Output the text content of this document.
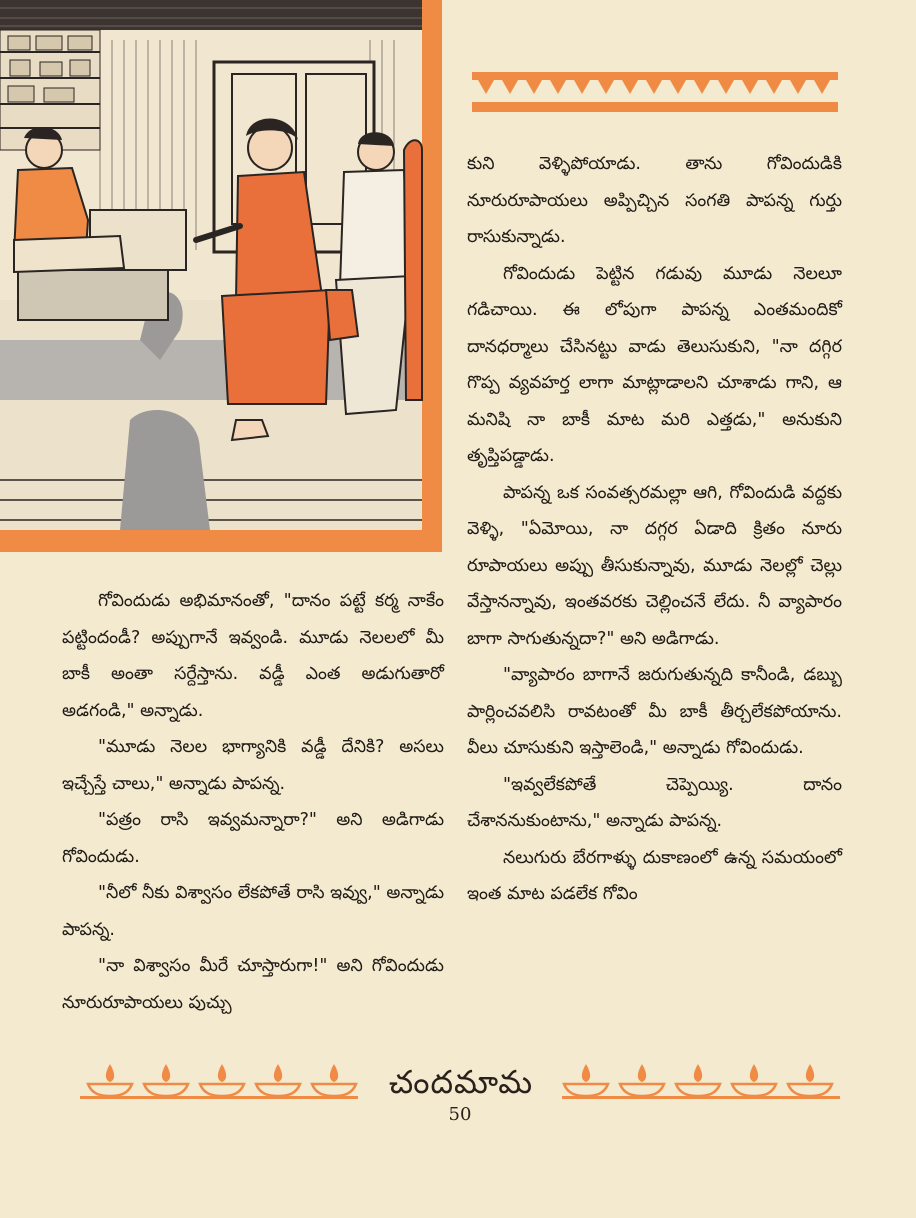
కుని వెళ్ళిపోయాడు. తాను గోవిందుడికి నూరురూపాయలు అప్పిచ్చిన సంగతి పాపన్న గుర్తు రాసుకున్నాడు.

గోవిందుడు పెట్టిన గడువు మూడు నెలలూ గడిచాయి. ఈ లోపుగా పాపన్న ఎంతమందికో దానధర్మాలు చేసినట్టు వాడు తెలుసుకుని, "నా దగ్గిర గొప్ప వ్యవహర్త లాగా మాట్లాడాలని చూశాడు గాని, ఆ మనిషి నా బాకీ మాట మరి ఎత్తడు," అనుకుని తృప్తిపడ్డాడు.

పాపన్న ఒక సంవత్సరమల్లా ఆగి, గోవిందుడి వద్దకు వెళ్ళి, "ఏమోయి, నా దగ్గర ఏడాది క్రితం నూరు రూపాయలు అప్పు తీసుకున్నావు, మూడు నెలల్లో చెల్లు వేస్తానన్నావు, ఇంతవరకు చెల్లించనే లేదు. నీ వ్యాపారం బాగా సాగుతున్నదా?" అని అడిగాడు.

"వ్యాపారం బాగానే జరుగుతున్నది కానీండి, డబ్బు పార్లించవలిసి రావటంతో మీ బాకీ తీర్చలేకపోయాను. వీలు చూసుకుని ఇస్తాలెండి," అన్నాడు గోవిందుడు.

"ఇవ్వలేకపోతే చెప్పెయ్యి. దానం చేశాననుకుంటాను," అన్నాడు పాపన్న.

నలుగురు బేరగాళ్ళు దుకాణంలో ఉన్న సమయంలో ఇంత మాట పడలేక గోవిం

గోవిందుడు అభిమానంతో, "దానం పట్టే కర్మ నాకేం పట్టిందండీ? అప్పుగానే ఇవ్వండి. మూడు నెలలలో మీ బాకీ అంతా సర్దేస్తాను. వడ్డీ ఎంత అడుగుతారో అడగండి," అన్నాడు.

"మూడు నెలల భాగ్యానికి వడ్డీ దేనికి? అసలు ఇచ్చేస్తే చాలు," అన్నాడు పాపన్న.

"పత్రం రాసి ఇవ్వమన్నారా?" అని అడిగాడు గోవిందుడు.

"నీలో నీకు విశ్వాసం లేకపోతే రాసి ఇవ్వు," అన్నాడు పాపన్న.

"నా విశ్వాసం మీరే చూస్తారుగా!" అని గోవిందుడు నూరురూపాయలు పుచ్చు

చందమామ
50
